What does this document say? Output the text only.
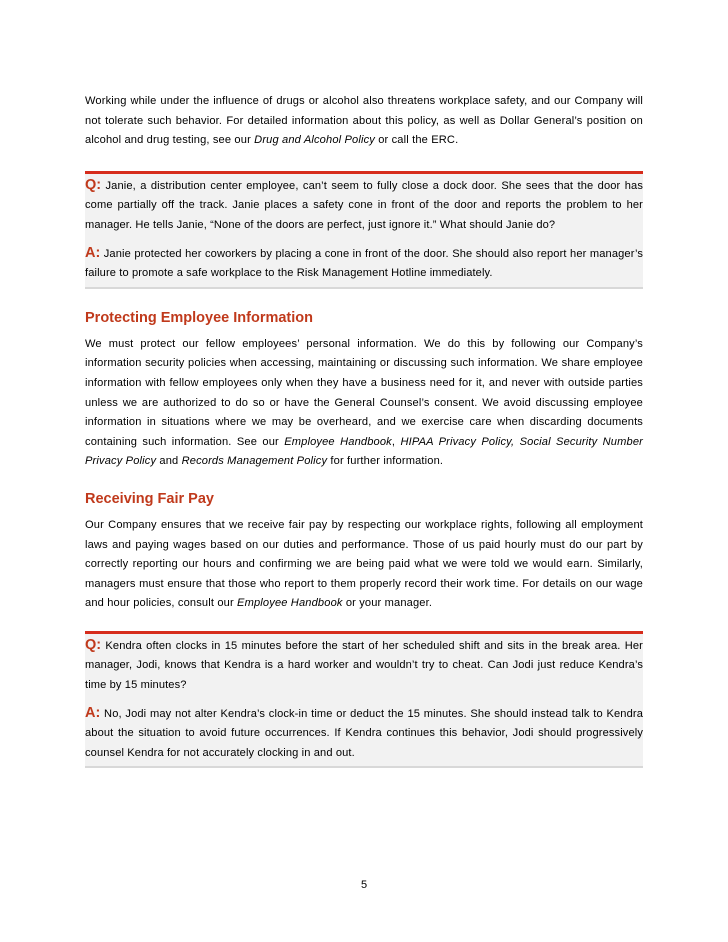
Working while under the influence of drugs or alcohol also threatens workplace safety, and our Company will not tolerate such behavior. For detailed information about this policy, as well as Dollar General’s position on alcohol and drug testing, see our Drug and Alcohol Policy or call the ERC.

Q: Janie, a distribution center employee, can’t seem to fully close a dock door. She sees that the door has come partially off the track. Janie places a safety cone in front of the door and reports the problem to her manager. He tells Janie, “None of the doors are perfect, just ignore it.” What should Janie do?

A: Janie protected her coworkers by placing a cone in front of the door. She should also report her manager’s failure to promote a safe workplace to the Risk Management Hotline immediately.

Protecting Employee Information

We must protect our fellow employees’ personal information. We do this by following our Company’s information security policies when accessing, maintaining or discussing such information. We share employee information with fellow employees only when they have a business need for it, and never with outside parties unless we are authorized to do so or have the General Counsel’s consent. We avoid discussing employee information in situations where we may be overheard, and we exercise care when discarding documents containing such information. See our Employee Handbook, HIPAA Privacy Policy, Social Security Number Privacy Policy and Records Management Policy for further information.

Receiving Fair Pay

Our Company ensures that we receive fair pay by respecting our workplace rights, following all employment laws and paying wages based on our duties and performance. Those of us paid hourly must do our part by correctly reporting our hours and confirming we are being paid what we were told we would earn. Similarly, managers must ensure that those who report to them properly record their work time. For details on our wage and hour policies, consult our Employee Handbook or your manager.

Q: Kendra often clocks in 15 minutes before the start of her scheduled shift and sits in the break area. Her manager, Jodi, knows that Kendra is a hard worker and wouldn’t try to cheat. Can Jodi just reduce Kendra’s time by 15 minutes?

A: No, Jodi may not alter Kendra’s clock-in time or deduct the 15 minutes. She should instead talk to Kendra about the situation to avoid future occurrences. If Kendra continues this behavior, Jodi should progressively counsel Kendra for not accurately clocking in and out.

5
